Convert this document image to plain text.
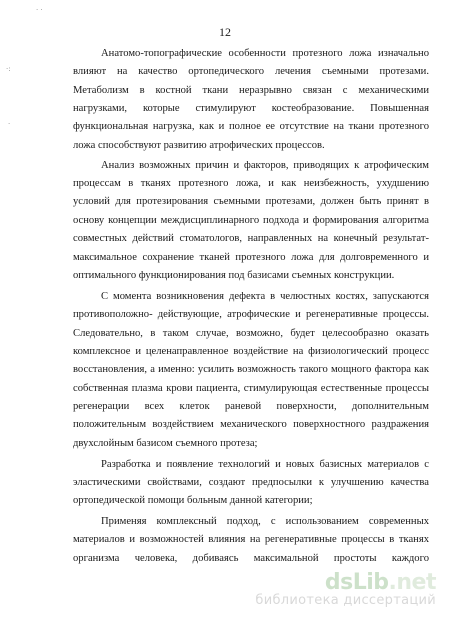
12
Анатомо-топографические особенности протезного ложа изначально
влияют на качество ортопедического лечения съемными протезами.
Метаболизм в костной ткани неразрывно связан с механическими
нагрузками, которые стимулируют костеобразование. Повышенная
функциональная нагрузка, как и полное ее отсутствие на ткани протезного
ложа способствуют развитию атрофических процессов.
Анализ возможных причин и факторов, приводящих к атрофическим
процессам в тканях протезного ложа, и как неизбежность, ухудшению
условий для протезирования съемными протезами, должен быть принят в
основу концепции междисциплинарного подхода и формирования алгоритма
совместных действий стоматологов, направленных на конечный результат-
максимальное сохранение тканей протезного ложа для долговременного и
оптимального функционирования под базисами съемных конструкции.
С момента возникновения дефекта в челюстных костях, запускаются
противоположно- действующие, атрофические и регенеративные процессы.
Следовательно, в таком случае, возможно, будет целесообразно оказать
комплексное и целенаправленное воздействие на физиологический процесс
восстановления, а именно: усилить возможность такого мощного фактора как
собственная плазма крови пациента, стимулирующая естественные процессы
регенерации всех клеток раневой поверхности, дополнительным
положительным воздействием механического поверхностного раздражения
двухслойным базисом съемного протеза;
Разработка и появление технологий и новых базисных материалов с
эластическими свойствами, создают предпосылки к улучшению качества
ортопедической помощи больным данной категории;
Применяя комплексный подход, с использованием современных
материалов и возможностей влияния на регенеративные процессы в тканях
организма человека, добиваясь максимальной простоты каждого
·:
·
· ·
dsLib.net
библиотека диссертаций
